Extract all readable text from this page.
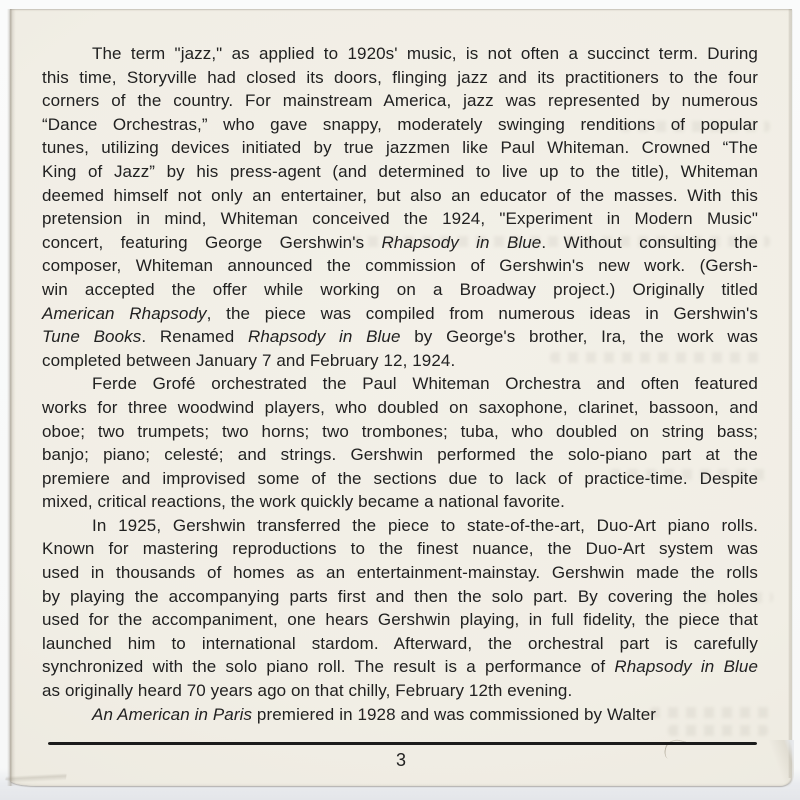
The term "jazz," as applied to 1920s' music, is not often a succinct term. During
this time, Storyville had closed its doors, flinging jazz and its practitioners to the four
corners of the country. For mainstream America, jazz was represented by numerous
“Dance Orchestras,” who gave snappy, moderately swinging renditions of popular
tunes, utilizing devices initiated by true jazzmen like Paul Whiteman. Crowned “The
King of Jazz” by his press-agent (and determined to live up to the title), Whiteman
deemed himself not only an entertainer, but also an educator of the masses. With this
pretension in mind, Whiteman conceived the 1924, "Experiment in Modern Music"
concert, featuring George Gershwin's Rhapsody in Blue. Without consulting the
composer, Whiteman announced the commission of Gershwin's new work. (Gersh-
win accepted the offer while working on a Broadway project.) Originally titled
American Rhapsody, the piece was compiled from numerous ideas in Gershwin's
Tune Books. Renamed Rhapsody in Blue by George's brother, Ira, the work was
completed between January 7 and February 12, 1924.
Ferde Grofé orchestrated the Paul Whiteman Orchestra and often featured
works for three woodwind players, who doubled on saxophone, clarinet, bassoon, and
oboe; two trumpets; two horns; two trombones; tuba, who doubled on string bass;
banjo; piano; celesté; and strings. Gershwin performed the solo-piano part at the
premiere and improvised some of the sections due to lack of practice-time. Despite
mixed, critical reactions, the work quickly became a national favorite.
In 1925, Gershwin transferred the piece to state-of-the-art, Duo-Art piano rolls.
Known for mastering reproductions to the finest nuance, the Duo-Art system was
used in thousands of homes as an entertainment-mainstay. Gershwin made the rolls
by playing the accompanying parts first and then the solo part. By covering the holes
used for the accompaniment, one hears Gershwin playing, in full fidelity, the piece that
launched him to international stardom. Afterward, the orchestral part is carefully
synchronized with the solo piano roll. The result is a performance of Rhapsody in Blue
as originally heard 70 years ago on that chilly, February 12th evening.
An American in Paris premiered in 1928 and was commissioned by Walter
3
